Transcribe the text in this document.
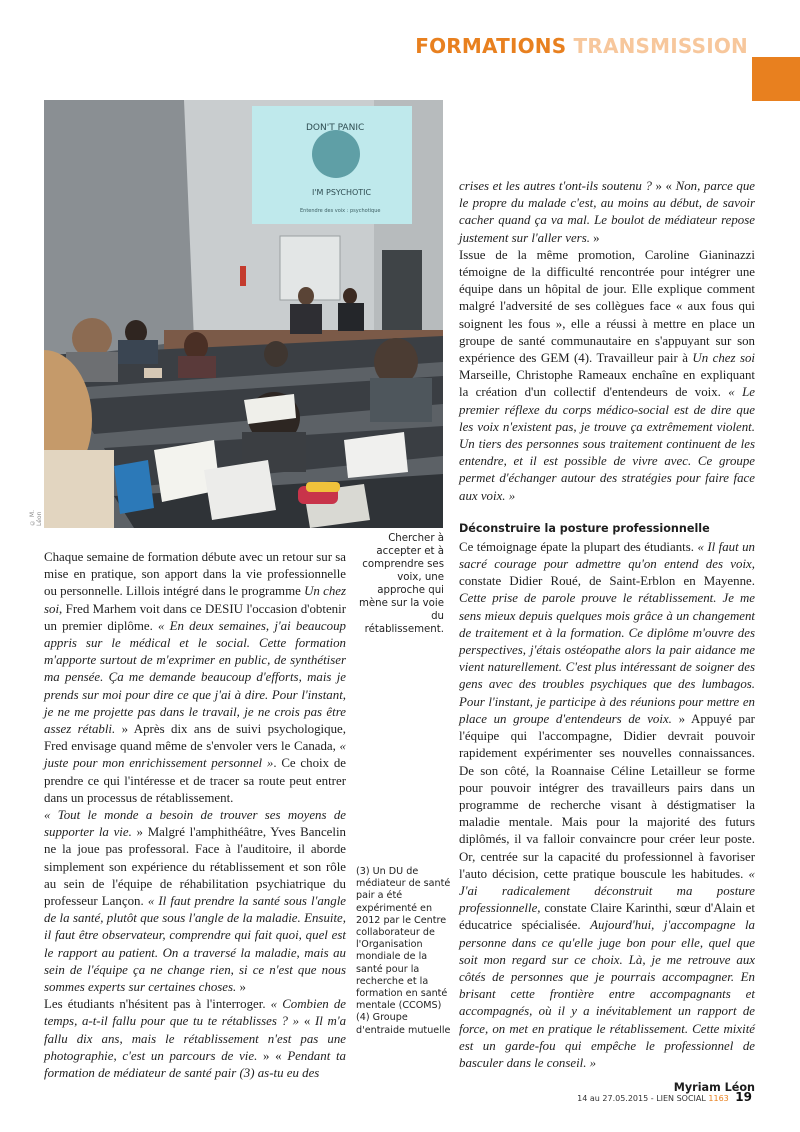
FORMATIONS TRANSMISSION
DON'T PANIC
I'M PSYCHOTIC
Entendre des voix : psychotique
© M. Léon
Chercher à accepter et à comprendre ses voix, une approche qui mène sur la voie du rétablissement.

(3) Un DU de médiateur de santé pair a été expérimenté en 2012 par le Centre collaborateur de l'Organisation mondiale de la santé pour la recherche et la formation en santé mentale (CCOMS)

(4) Groupe d'entraide mutuelle

Chaque semaine de formation débute avec un retour sur sa mise en pratique, son apport dans la vie professionnelle ou personnelle. Lillois intégré dans le programme Un chez soi, Fred Marhem voit dans ce DESIU l'occasion d'obtenir un premier diplôme. « En deux semaines, j'ai beaucoup appris sur le médical et le social. Cette formation m'apporte surtout de m'exprimer en public, de synthétiser ma pensée. Ça me demande beaucoup d'efforts, mais je prends sur moi pour dire ce que j'ai à dire. Pour l'instant, je ne me projette pas dans le travail, je ne crois pas être assez rétabli. » Après dix ans de suivi psychologique, Fred envisage quand même de s'envoler vers le Canada, « juste pour mon enrichissement personnel ». Ce choix de prendre ce qui l'intéresse et de tracer sa route peut entrer dans un processus de rétablissement.

« Tout le monde a besoin de trouver ses moyens de supporter la vie. » Malgré l'amphithéâtre, Yves Bancelin ne la joue pas professoral. Face à l'auditoire, il aborde simplement son expérience du rétablissement et son rôle au sein de l'équipe de réhabilitation psychiatrique du professeur Lançon. « Il faut prendre la santé sous l'angle de la santé, plutôt que sous l'angle de la maladie. Ensuite, il faut être observateur, comprendre qui fait quoi, quel est le rapport au patient. On a traversé la maladie, mais au sein de l'équipe ça ne change rien, si ce n'est que nous sommes experts sur certaines choses. »

Les étudiants n'hésitent pas à l'interroger. « Combien de temps, a-t-il fallu pour que tu te rétablisses ? » « Il m'a fallu dix ans, mais le rétablissement n'est pas une photographie, c'est un parcours de vie. » « Pendant ta formation de médiateur de santé pair (3) as-tu eu des

crises et les autres t'ont-ils soutenu ? » « Non, parce que le propre du malade c'est, au moins au début, de savoir cacher quand ça va mal. Le boulot de médiateur repose justement sur l'aller vers. »

Issue de la même promotion, Caroline Gianinazzi témoigne de la difficulté rencontrée pour intégrer une équipe dans un hôpital de jour. Elle explique comment malgré l'adversité de ses collègues face « aux fous qui soignent les fous », elle a réussi à mettre en place un groupe de santé communautaire en s'appuyant sur son expérience des GEM (4). Travailleur pair à Un chez soi Marseille, Christophe Rameaux enchaîne en expliquant la création d'un collectif d'entendeurs de voix. « Le premier réflexe du corps médico-social est de dire que les voix n'existent pas, je trouve ça extrêmement violent. Un tiers des personnes sous traitement continuent de les entendre, et il est possible de vivre avec. Ce groupe permet d'échanger autour des stratégies pour faire face aux voix. »

Déconstruire la posture professionnelle

Ce témoignage épate la plupart des étudiants. « Il faut un sacré courage pour admettre qu'on entend des voix, constate Didier Roué, de Saint-Erblon en Mayenne. Cette prise de parole prouve le rétablissement. Je me sens mieux depuis quelques mois grâce à un changement de traitement et à la formation. Ce diplôme m'ouvre des perspectives, j'étais ostéopathe alors la pair aidance me vient naturellement. C'est plus intéressant de soigner des gens avec des troubles psychiques que des lumbagos. Pour l'instant, je participe à des réunions pour mettre en place un groupe d'entendeurs de voix. » Appuyé par l'équipe qui l'accompagne, Didier devrait pouvoir rapidement expérimenter ses nouvelles connaissances. De son côté, la Roannaise Céline Letailleur se forme pour pouvoir intégrer des travailleurs pairs dans un programme de recherche visant à déstigmatiser la maladie mentale. Mais pour la majorité des futurs diplômés, il va falloir convaincre pour créer leur poste. Or, centrée sur la capacité du professionnel à favoriser l'auto décision, cette pratique bouscule les habitudes. « J'ai radicalement déconstruit ma posture professionnelle, constate Claire Karinthi, sœur d'Alain et éducatrice spécialisée. Aujourd'hui, j'accompagne la personne dans ce qu'elle juge bon pour elle, quel que soit mon regard sur ce choix. Là, je me retrouve aux côtés de personnes que je pourrais accompagner. En brisant cette frontière entre accompagnants et accompagnés, où il y a inévitablement un rapport de force, on met en pratique le rétablissement. Cette mixité est un garde-fou qui empêche le professionnel de basculer dans le conseil. »

Myriam Léon

14 au 27.05.2015 - LIEN SOCIAL 1163 19
